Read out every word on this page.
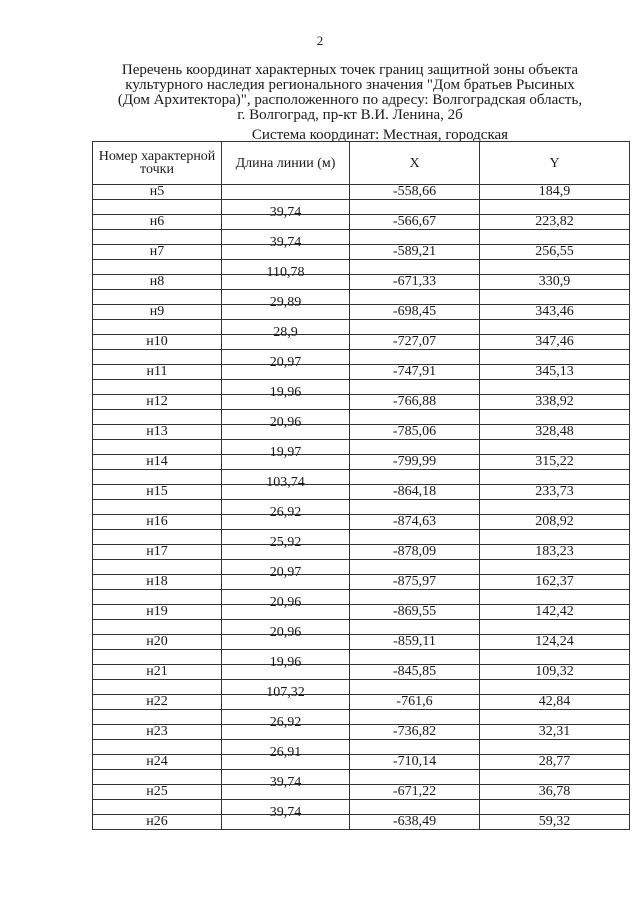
2
Перечень координат характерных точек границ защитной зоны объекта
культурного наследия регионального значения "Дом братьев Рысиных
(Дом Архитектора)", расположенного по адресу: Волгоградская область,
г. Волгоград, пр-кт В.И. Ленина, 2б
Система координат: Местная, городская
Номер характерной точки	Длина линии (м)	X	Y
н5		-558,66	184,9
	39,74		
н6		-566,67	223,82
	39,74		
н7		-589,21	256,55
	110,78		
н8		-671,33	330,9
	29,89		
н9		-698,45	343,46
	28,9		
н10		-727,07	347,46
	20,97		
н11		-747,91	345,13
	19,96		
н12		-766,88	338,92
	20,96		
н13		-785,06	328,48
	19,97		
н14		-799,99	315,22
	103,74		
н15		-864,18	233,73
	26,92		
н16		-874,63	208,92
	25,92		
н17		-878,09	183,23
	20,97		
н18		-875,97	162,37
	20,96		
н19		-869,55	142,42
	20,96		
н20		-859,11	124,24
	19,96		
н21		-845,85	109,32
	107,32		
н22		-761,6	42,84
	26,92		
н23		-736,82	32,31
	26,91		
н24		-710,14	28,77
	39,74		
н25		-671,22	36,78
	39,74		
н26		-638,49	59,32
